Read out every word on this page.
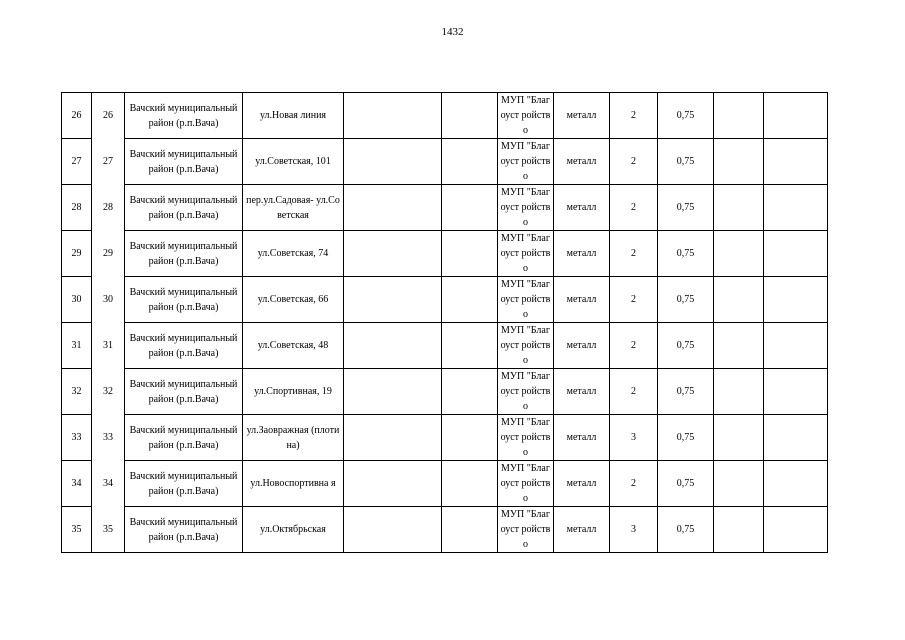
1432
26	26	Вачский муниципальный район (р.п.Вача)	ул.Новая линия			МУП "Благоуст ройство	металл	2	0,75		
27	27	Вачский муниципальный район (р.п.Вача)	ул.Советская, 101			МУП "Благоуст ройство	металл	2	0,75		
28	28	Вачский муниципальный район (р.п.Вача)	пер.ул.Садовая- ул.Советская			МУП "Благоуст ройство	металл	2	0,75		
29	29	Вачский муниципальный район (р.п.Вача)	ул.Советская, 74			МУП "Благоуст ройство	металл	2	0,75		
30	30	Вачский муниципальный район (р.п.Вача)	ул.Советская, 66			МУП "Благоуст ройство	металл	2	0,75		
31	31	Вачский муниципальный район (р.п.Вача)	ул.Советская, 48			МУП "Благоуст ройство	металл	2	0,75		
32	32	Вачский муниципальный район (р.п.Вача)	ул.Спортивная, 19			МУП "Благоуст ройство	металл	2	0,75		
33	33	Вачский муниципальный район (р.п.Вача)	ул.Заовражная (плотина)			МУП "Благоуст ройство	металл	3	0,75		
34	34	Вачский муниципальный район (р.п.Вача)	ул.Новоспортивна я			МУП "Благоуст ройство	металл	2	0,75		
35	35	Вачский муниципальный район (р.п.Вача)	ул.Октябрьская			МУП "Благоуст ройство	металл	3	0,75		
